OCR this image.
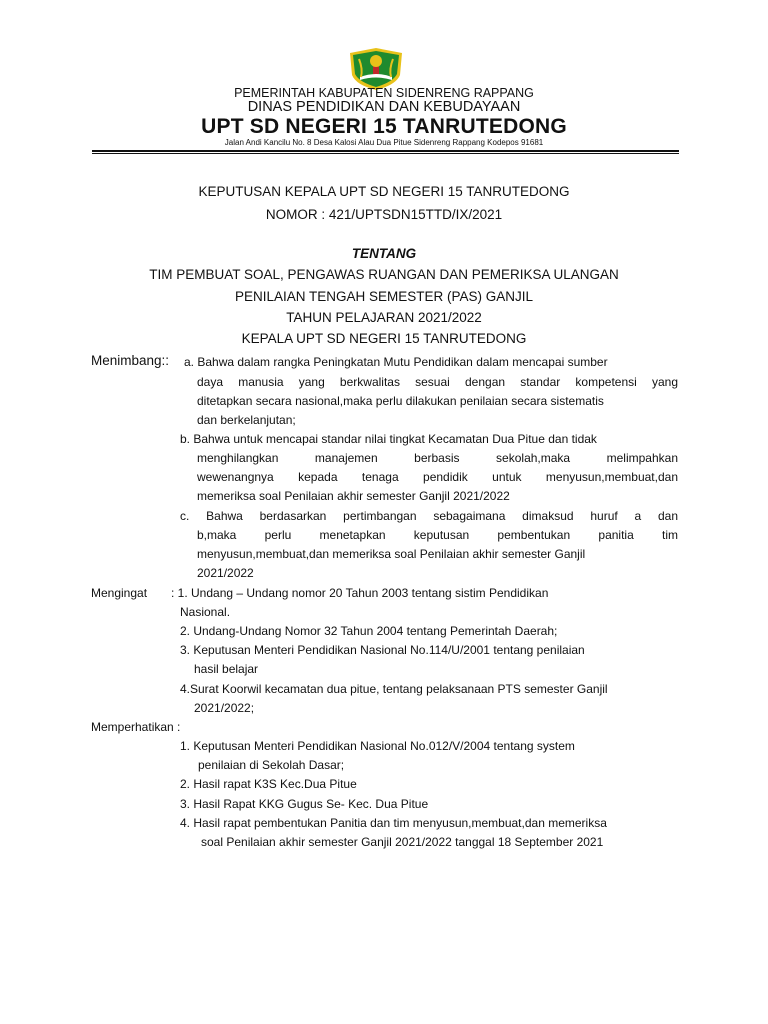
PEMERINTAH KABUPATEN SIDENRENG RAPPANG
DINAS PENDIDIKAN DAN KEBUDAYAAN
UPT SD NEGERI 15 TANRUTEDONG
Jalan Andi Kancilu No. 8 Desa Kalosi Alau Dua Pitue Sidenreng Rappang Kodepos 91681
KEPUTUSAN KEPALA UPT SD NEGERI 15 TANRUTEDONG
NOMOR : 421/UPTSDN15TTD/IX/2021
TENTANG
TIM PEMBUAT SOAL, PENGAWAS RUANGAN DAN PEMERIKSA ULANGAN
PENILAIAN TENGAH SEMESTER (PAS) GANJIL
TAHUN PELAJARAN 2021/2022
KEPALA UPT SD NEGERI 15 TANRUTEDONG
Menimbang:: a. Bahwa dalam rangka Peningkatan Mutu Pendidikan dalam mencapai sumber
daya manusia yang berkwalitas sesuai dengan standar kompetensi yang
ditetapkan secara nasional,maka perlu dilakukan penilaian secara sistematis
dan berkelanjutan;
b. Bahwa untuk mencapai standar nilai tingkat Kecamatan Dua Pitue dan tidak
menghilangkan manajemen berbasis sekolah,maka melimpahkan
wewenangnya kepada tenaga pendidik untuk menyusun,membuat,dan
memeriksa soal Penilaian akhir semester Ganjil 2021/2022
c. Bahwa berdasarkan pertimbangan sebagaimana dimaksud huruf a dan
b,maka perlu menetapkan keputusan pembentukan panitia tim
menyusun,membuat,dan memeriksa soal Penilaian akhir semester Ganjil
2021/2022
Mengingat : 1. Undang – Undang nomor 20 Tahun 2003 tentang sistim Pendidikan
Nasional.
2. Undang-Undang Nomor 32 Tahun 2004 tentang Pemerintah Daerah;
3. Keputusan Menteri Pendidikan Nasional No.114/U/2001 tentang penilaian
hasil belajar
4.Surat Koorwil kecamatan dua pitue, tentang pelaksanaan PTS semester Ganjil
2021/2022;
Memperhatikan :
1. Keputusan Menteri Pendidikan Nasional No.012/V/2004 tentang system
penilaian di Sekolah Dasar;
2. Hasil rapat K3S Kec.Dua Pitue
3. Hasil Rapat KKG Gugus Se- Kec. Dua Pitue
4. Hasil rapat pembentukan Panitia dan tim menyusun,membuat,dan memeriksa
soal Penilaian akhir semester Ganjil 2021/2022 tanggal 18 September 2021
